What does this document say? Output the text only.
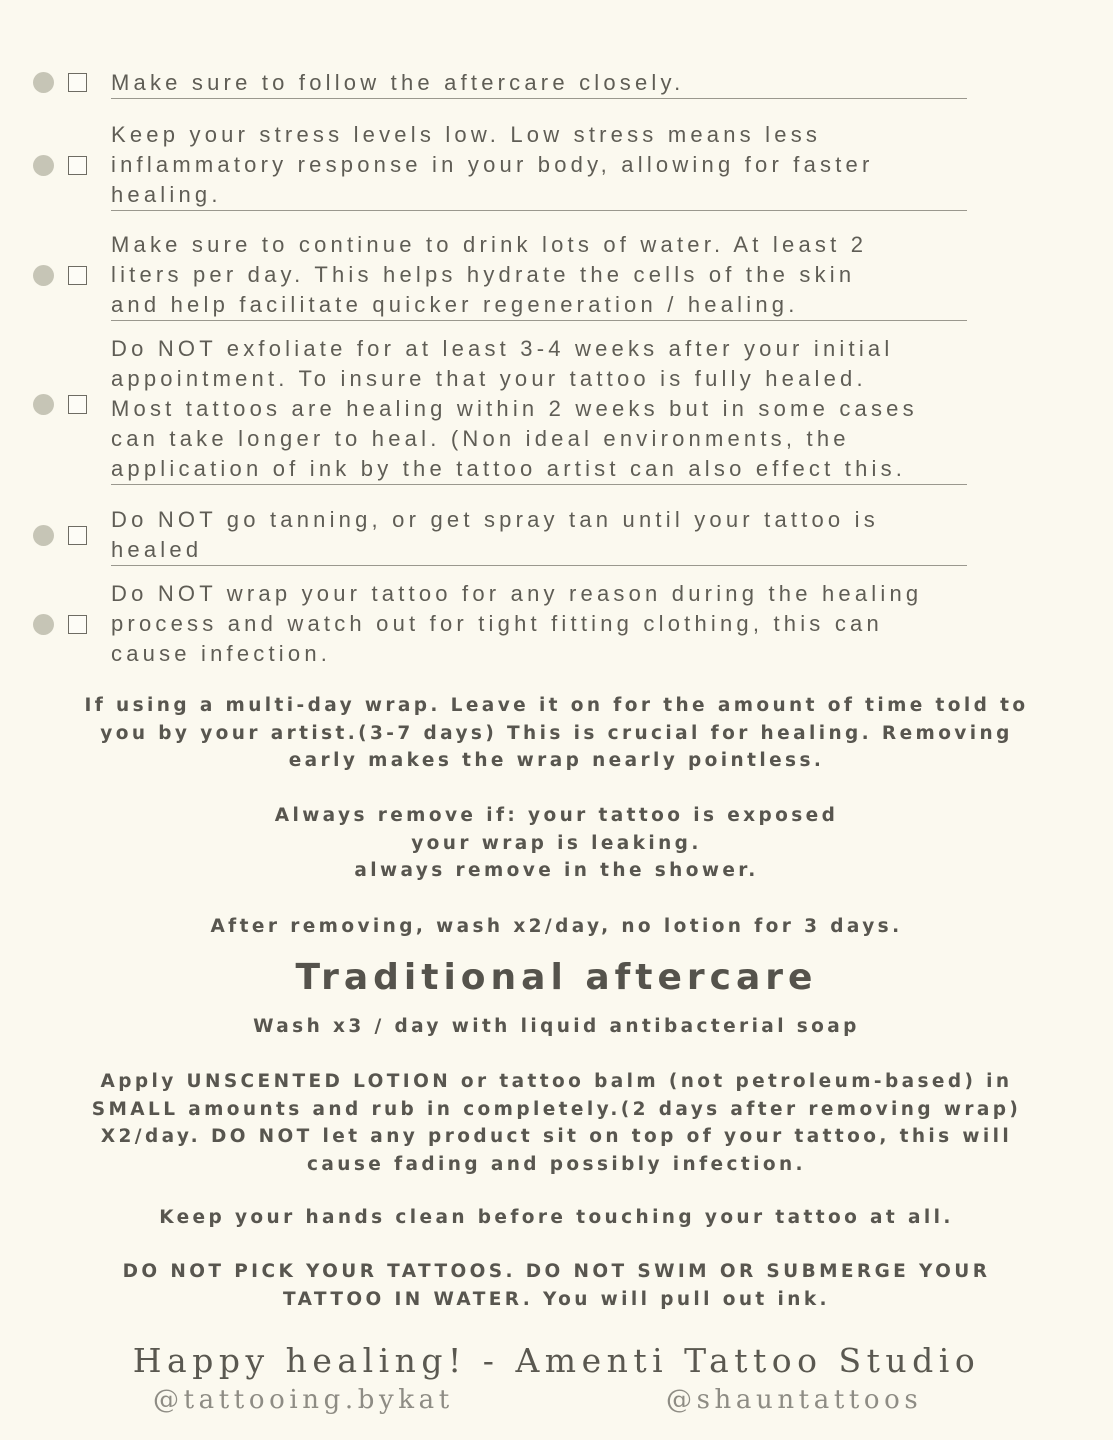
Make sure to follow the aftercare closely.

Keep your stress levels low. Low stress means less
inflammatory response in your body, allowing for faster
healing.

Make sure to continue to drink lots of water. At least 2
liters per day. This helps hydrate the cells of the skin
and help facilitate quicker regeneration / healing.

Do NOT exfoliate for at least 3-4 weeks after your initial
appointment. To insure that your tattoo is fully healed.
Most tattoos are healing within 2 weeks but in some cases
can take longer to heal. (Non ideal environments, the
application of ink by the tattoo artist can also effect this.

Do NOT go tanning, or get spray tan until your tattoo is
healed

Do NOT wrap your tattoo for any reason during the healing
process and watch out for tight fitting clothing, this can
cause infection.

If using a multi-day wrap. Leave it on for the amount of time told to
you by your artist.(3-7 days) This is crucial for healing. Removing
early makes the wrap nearly pointless.

Always remove if: your tattoo is exposed
your wrap is leaking.
always remove in the shower.

After removing, wash x2/day, no lotion for 3 days.

Traditional aftercare

Wash x3 / day with liquid antibacterial soap

Apply UNSCENTED LOTION or tattoo balm (not petroleum-based) in
SMALL amounts and rub in completely.(2 days after removing wrap)
X2/day. DO NOT let any product sit on top of your tattoo, this will
cause fading and possibly infection.

Keep your hands clean before touching your tattoo at all.

DO NOT PICK YOUR TATTOOS. DO NOT SWIM OR SUBMERGE YOUR
TATTOO IN WATER. You will pull out ink.

Happy healing! - Amenti Tattoo Studio

@tattooing.bykat	@shauntattoos
